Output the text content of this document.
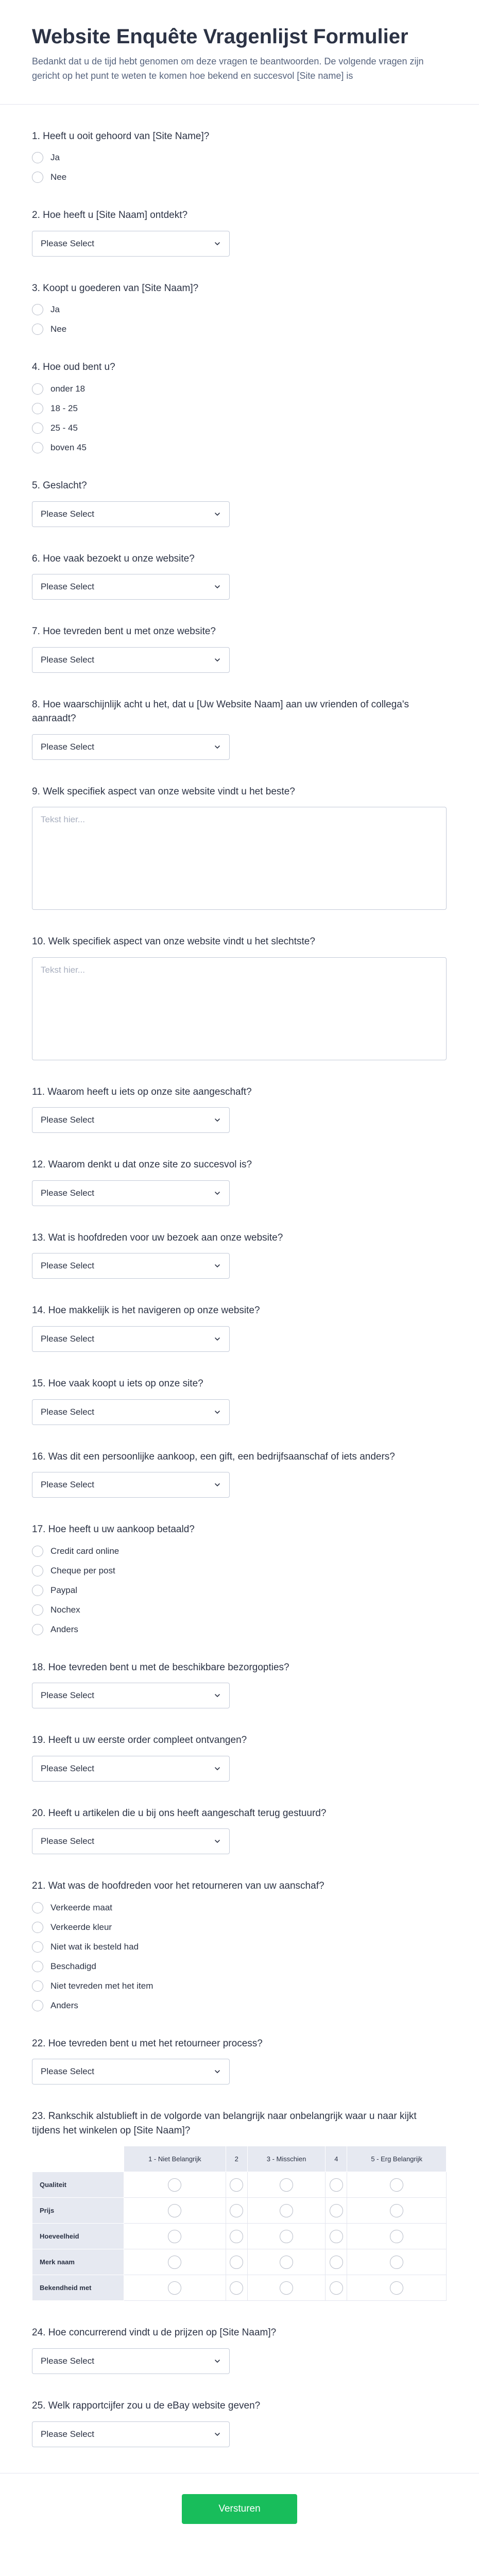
Website Enquête Vragenlijst Formulier

Bedankt dat u de tijd hebt genomen om deze vragen te beantwoorden. De volgende vragen zijn gericht op het punt te weten te komen hoe bekend en succesvol [Site name] is

1. Heeft u ooit gehoord van [Site Name]?
Ja
Nee
2. Hoe heeft u [Site Naam] ontdekt?
Please Select
3. Koopt u goederen van [Site Naam]?
Ja
Nee
4. Hoe oud bent u?
onder 18
18 - 25
25 - 45
boven 45
5. Geslacht?
Please Select
6. Hoe vaak bezoekt u onze website?
Please Select
7. Hoe tevreden bent u met onze website?
Please Select
8. Hoe waarschijnlijk acht u het, dat u [Uw Website Naam] aan uw vrienden of collega's aanraadt?
Please Select
9. Welk specifiek aspect van onze website vindt u het beste?
Tekst hier...
10. Welk specifiek aspect van onze website vindt u het slechtste?
Tekst hier...
11. Waarom heeft u iets op onze site aangeschaft?
Please Select
12. Waarom denkt u dat onze site zo succesvol is?
Please Select
13. Wat is hoofdreden voor uw bezoek aan onze website?
Please Select
14. Hoe makkelijk is het navigeren op onze website?
Please Select
15. Hoe vaak koopt u iets op onze site?
Please Select
16. Was dit een persoonlijke aankoop, een gift, een bedrijfsaanschaf of iets anders?
Please Select
17. Hoe heeft u uw aankoop betaald?
Credit card online
Cheque per post
Paypal
Nochex
Anders
18. Hoe tevreden bent u met de beschikbare bezorgopties?
Please Select
19. Heeft u uw eerste order compleet ontvangen?
Please Select
20. Heeft u artikelen die u bij ons heeft aangeschaft terug gestuurd?
Please Select
21. Wat was de hoofdreden voor het retourneren van uw aanschaf?
Verkeerde maat
Verkeerde kleur
Niet wat ik besteld had
Beschadigd
Niet tevreden met het item
Anders
22. Hoe tevreden bent u met het retourneer process?
Please Select
23. Rankschik alstublieft in de volgorde van belangrijk naar onbelangrijk waar u naar kijkt tijdens het winkelen op [Site Naam]?
	1 - Niet Belangrijk	2	3 - Misschien	4	5 - Erg Belangrijk
Qualiteit					
Prijs					
Hoeveelheid					
Merk naam					
Bekendheid met					
24. Hoe concurrerend vindt u de prijzen op [Site Naam]?
Please Select
25. Welk rapportcijfer zou u de eBay website geven?
Please Select
Versturen
